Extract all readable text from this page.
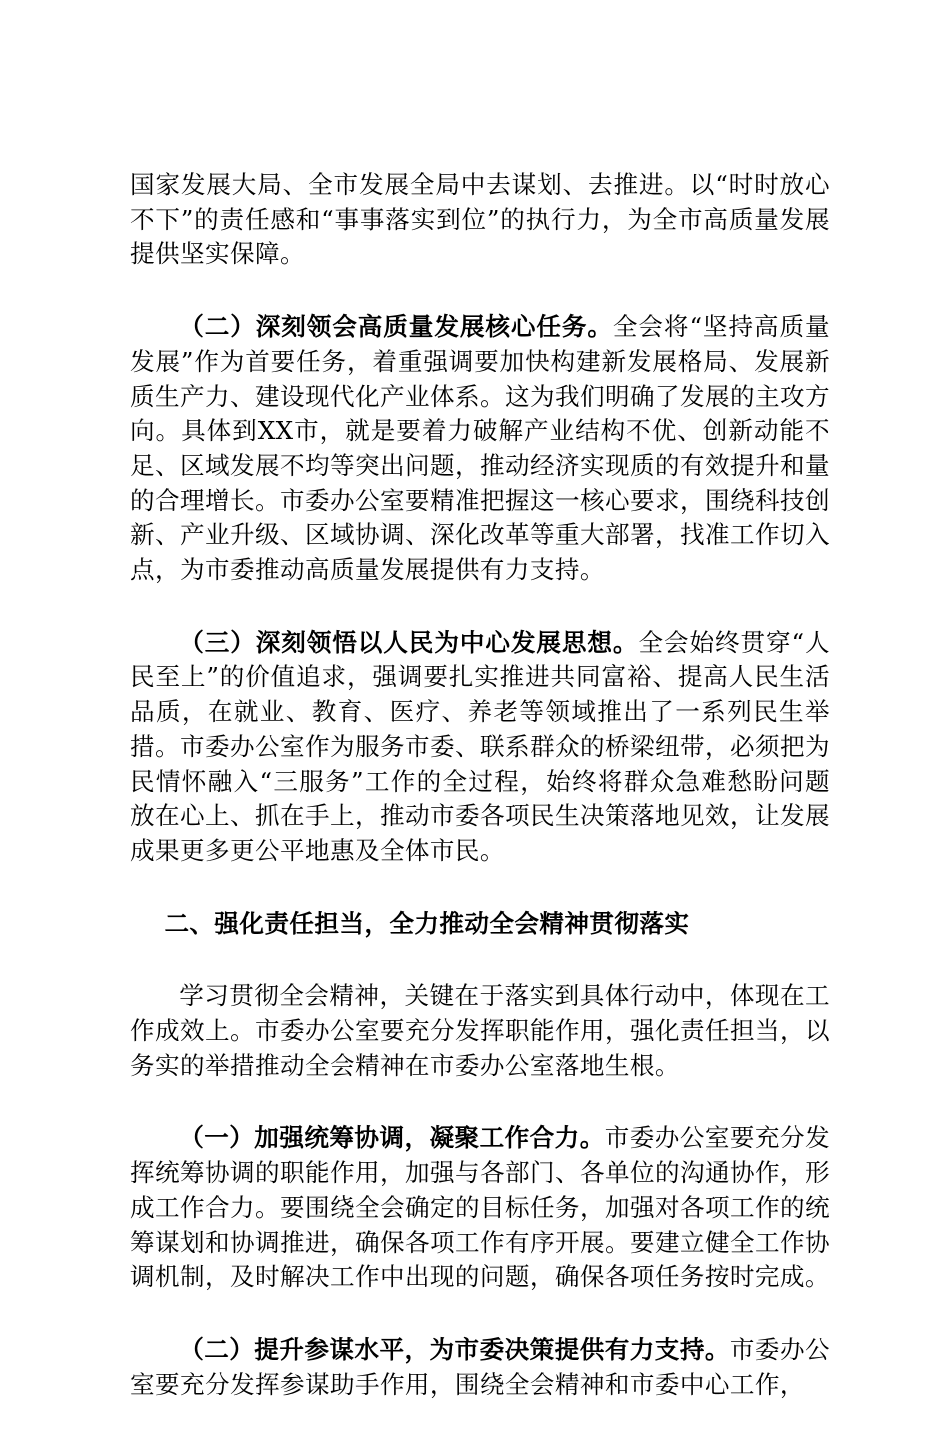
国家发展大局、全市发展全局中去谋划、去推进。以“时时放心不下”的责任感和“事事落实到位”的执行力，为全市高质量发展提供坚实保障。

（二）深刻领会高质量发展核心任务。全会将“坚持高质量发展”作为首要任务，着重强调要加快构建新发展格局、发展新质生产力、建设现代化产业体系。这为我们明确了发展的主攻方向。具体到XX市，就是要着力破解产业结构不优、创新动能不足、区域发展不均等突出问题，推动经济实现质的有效提升和量的合理增长。市委办公室要精准把握这一核心要求，围绕科技创新、产业升级、区域协调、深化改革等重大部署，找准工作切入点，为市委推动高质量发展提供有力支持。

（三）深刻领悟以人民为中心发展思想。全会始终贯穿“人民至上”的价值追求，强调要扎实推进共同富裕、提高人民生活品质，在就业、教育、医疗、养老等领域推出了一系列民生举措。市委办公室作为服务市委、联系群众的桥梁纽带，必须把为民情怀融入“三服务”工作的全过程，始终将群众急难愁盼问题放在心上、抓在手上，推动市委各项民生决策落地见效，让发展成果更多更公平地惠及全体市民。

二、强化责任担当，全力推动全会精神贯彻落实

学习贯彻全会精神，关键在于落实到具体行动中，体现在工作成效上。市委办公室要充分发挥职能作用，强化责任担当，以务实的举措推动全会精神在市委办公室落地生根。

（一）加强统筹协调，凝聚工作合力。市委办公室要充分发挥统筹协调的职能作用，加强与各部门、各单位的沟通协作，形成工作合力。要围绕全会确定的目标任务，加强对各项工作的统筹谋划和协调推进，确保各项工作有序开展。要建立健全工作协调机制，及时解决工作中出现的问题，确保各项任务按时完成。

（二）提升参谋水平，为市委决策提供有力支持。市委办公室要充分发挥参谋助手作用，围绕全会精神和市委中心工作，
